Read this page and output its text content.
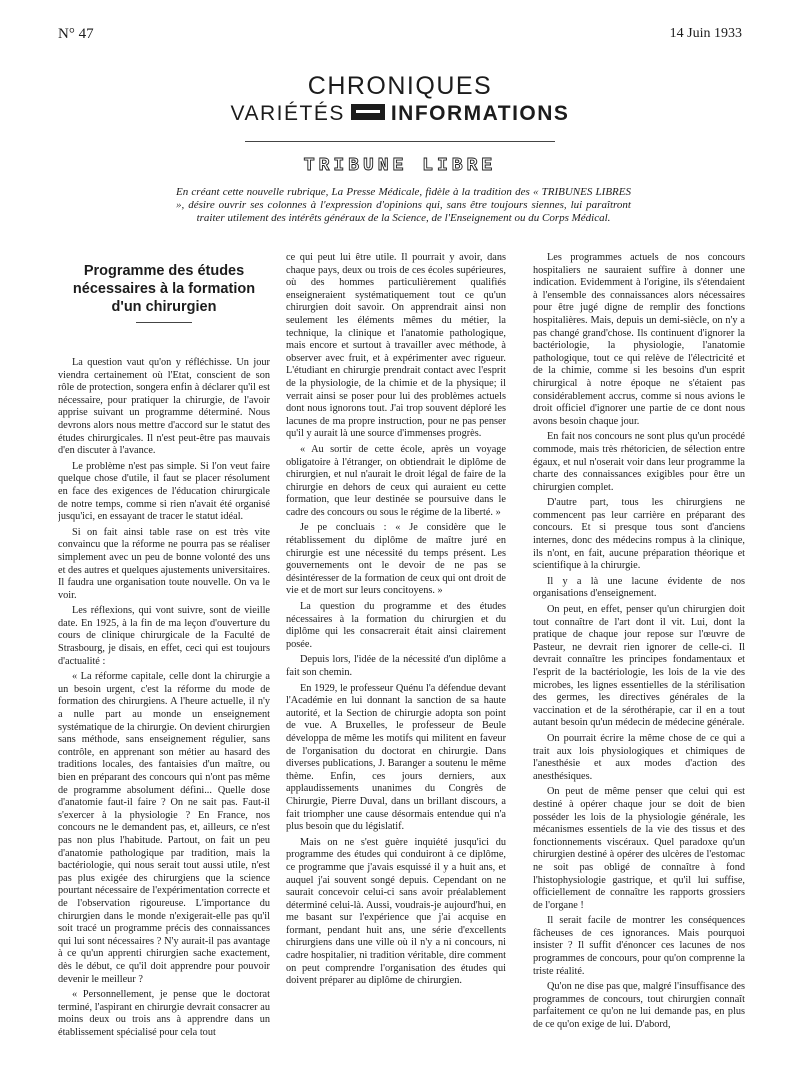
N° 47	14 Juin 1933
CHRONIQUES
VARIÉTÉS INFORMATIONS
TRIBUNE LIBRE
En créant cette nouvelle rubrique, La Presse Médicale, fidèle à la tradition des « TRIBUNES LIBRES », désire ouvrir ses colonnes à l'expression d'opinions qui, sans être toujours siennes, lui paraîtront traiter utilement des intérêts généraux de la Science, de l'Enseignement ou du Corps Médical.
Programme des études nécessaires à la formation d'un chirurgien

La question vaut qu'on y réfléchisse. Un jour viendra certainement où l'Etat, conscient de son rôle de protection, songera enfin à déclarer qu'il est nécessaire, pour pratiquer la chirurgie, de l'avoir apprise suivant un programme déterminé. Nous devrons alors nous mettre d'accord sur le statut des études chirurgicales. Il n'est peut-être pas mauvais d'en discuter à l'avance.

Le problème n'est pas simple. Si l'on veut faire quelque chose d'utile, il faut se placer résolument en face des exigences de l'éducation chirurgicale de notre temps, comme si rien n'avait été organisé jusqu'ici, en essayant de tracer le statut idéal.

Si on fait ainsi table rase on est très vite convaincu que la réforme ne pourra pas se réaliser simplement avec un peu de bonne volonté des uns et des autres et quelques ajustements universitaires. Il faudra une organisation toute nouvelle. On va le voir.

Les réflexions, qui vont suivre, sont de vieille date. En 1925, à la fin de ma leçon d'ouverture du cours de clinique chirurgicale de la Faculté de Strasbourg, je disais, en effet, ceci qui est toujours d'actualité :

« La réforme capitale, celle dont la chirurgie a un besoin urgent, c'est la réforme du mode de formation des chirurgiens. A l'heure actuelle, il n'y a nulle part au monde un enseignement systématique de la chirurgie. On devient chirurgien sans méthode, sans enseignement régulier, sans contrôle, en apprenant son métier au hasard des traditions locales, des fantaisies d'un maître, ou bien en préparant des concours qui n'ont pas même de programme absolument défini... Quelle dose d'anatomie faut-il faire ? On ne sait pas. Faut-il s'exercer à la physiologie ? En France, nos concours ne le demandent pas, et, ailleurs, ce n'est pas non plus l'habitude. Partout, on fait un peu d'anatomie pathologique par tradition, mais la bactériologie, qui nous serait tout aussi utile, n'est pas plus exigée des chirurgiens que la science pourtant nécessaire de l'expérimentation correcte et de l'observation rigoureuse. L'importance du chirurgien dans le monde n'exigerait-elle pas qu'il soit tracé un programme précis des connaissances qui lui sont nécessaires ? N'y aurait-il pas avantage à ce qu'un apprenti chirurgien sache exactement, dès le début, ce qu'il doit apprendre pour pouvoir devenir le meilleur ?

« Personnellement, je pense que le doctorat terminé, l'aspirant en chirurgie devrait consacrer au moins deux ou trois ans à apprendre dans un établissement spécialisé pour cela tout

ce qui peut lui être utile. Il pourrait y avoir, dans chaque pays, deux ou trois de ces écoles supérieures, où des hommes particulièrement qualifiés enseigneraient systématiquement tout ce qu'un chirurgien doit savoir. On apprendrait ainsi non seulement les éléments mêmes du métier, la technique, la clinique et l'anatomie pathologique, mais encore et surtout à travailler avec méthode, à observer avec fruit, et à expérimenter avec rigueur. L'étudiant en chirurgie prendrait contact avec l'esprit de la physiologie, de la chimie et de la physique; il verrait ainsi se poser pour lui des problèmes actuels dont nous ignorons tout. J'ai trop souvent déploré les lacunes de ma propre instruction, pour ne pas penser qu'il y aurait là une source d'immenses progrès.

« Au sortir de cette école, après un voyage obligatoire à l'étranger, on obtiendrait le diplôme de chirurgien, et nul n'aurait le droit légal de faire de la chirurgie en dehors de ceux qui auraient eu cette formation, que leur destinée se poursuive dans le cadre des concours ou sous le régime de la liberté. »

Je pe concluais : « Je considère que le rétablissement du diplôme de maître juré en chirurgie est une nécessité du temps présent. Les gouvernements ont le devoir de ne pas se désintéresser de la formation de ceux qui ont droit de vie et de mort sur leurs concitoyens. »

La question du programme et des études nécessaires à la formation du chirurgien et du diplôme qui les consacrerait était ainsi clairement posée.

Depuis lors, l'idée de la nécessité d'un diplôme a fait son chemin.

En 1929, le professeur Quénu l'a défendue devant l'Académie en lui donnant la sanction de sa haute autorité, et la Section de chirurgie adopta son point de vue. A Bruxelles, le professeur de Beule développa de même les motifs qui militent en faveur de l'organisation du doctorat en chirurgie. Dans diverses publications, J. Baranger a soutenu le même thème. Enfin, ces jours derniers, aux applaudissements unanimes du Congrès de Chirurgie, Pierre Duval, dans un brillant discours, a fait triompher une cause désormais entendue qui n'a plus besoin que du législatif.

Mais on ne s'est guère inquiété jusqu'ici du programme des études qui conduiront à ce diplôme, ce programme que j'avais esquissé il y a huit ans, et auquel j'ai souvent songé depuis. Cependant on ne saurait concevoir celui-ci sans avoir préalablement déterminé celui-là. Aussi, voudrais-je aujourd'hui, en me basant sur l'expérience que j'ai acquise en formant, pendant huit ans, une série d'excellents chirurgiens dans une ville où il n'y a ni concours, ni cadre hospitalier, ni tradition véritable, dire comment on peut comprendre l'organisation des études qui doivent préparer au diplôme de chirurgien.

Les programmes actuels de nos concours hospitaliers ne sauraient suffire à donner une indication. Evidemment à l'origine, ils s'étendaient à l'ensemble des connaissances alors nécessaires pour être jugé digne de remplir des fonctions hospitalières. Mais, depuis un demi-siècle, on n'y a pas changé grand'chose. Ils continuent d'ignorer la bactériologie, la physiologie, l'anatomie pathologique, tout ce qui relève de l'électricité et de la chimie, comme si les besoins d'un esprit chirurgical à notre époque ne s'étaient pas considérablement accrus, comme si nous avions le droit officiel d'ignorer une partie de ce dont nous avons besoin chaque jour.

En fait nos concours ne sont plus qu'un procédé commode, mais très rhétoricien, de sélection entre égaux, et nul n'oserait voir dans leur programme la charte des connaissances exigibles pour être un chirurgien complet.

D'autre part, tous les chirurgiens ne commencent pas leur carrière en préparant des concours. Et si presque tous sont d'anciens internes, donc des médecins rompus à la clinique, ils n'ont, en fait, aucune préparation théorique et scientifique à la chirurgie.

Il y a là une lacune évidente de nos organisations d'enseignement.

On peut, en effet, penser qu'un chirurgien doit tout connaître de l'art dont il vit. Lui, dont la pratique de chaque jour repose sur l'œuvre de Pasteur, ne devrait rien ignorer de celle-ci. Il devrait connaître les principes fondamentaux et l'esprit de la bactériologie, les lois de la vie des microbes, les lignes essentielles de la stérilisation des germes, les directives générales de la vaccination et de la sérothérapie, car il en a tout autant besoin qu'un médecin de médecine générale.

On pourrait écrire la même chose de ce qui a trait aux lois physiologiques et chimiques de l'anesthésie et aux modes d'action des anesthésiques.

On peut de même penser que celui qui est destiné à opérer chaque jour se doit de bien posséder les lois de la physiologie générale, les mécanismes essentiels de la vie des tissus et des fonctionnements viscéraux. Quel paradoxe qu'un chirurgien destiné à opérer des ulcères de l'estomac ne soit pas obligé de connaître à fond l'histophysiologie gastrique, et qu'il lui suffise, officiellement de connaître les rapports grossiers de l'organe !

Il serait facile de montrer les conséquences fâcheuses de ces ignorances. Mais pourquoi insister ? Il suffit d'énoncer ces lacunes de nos programmes de concours, pour qu'on comprenne la triste réalité.

Qu'on ne dise pas que, malgré l'insuffisance des programmes de concours, tout chirurgien connaît parfaitement ce qu'on ne lui demande pas, en plus de ce qu'on exige de lui. D'abord,
